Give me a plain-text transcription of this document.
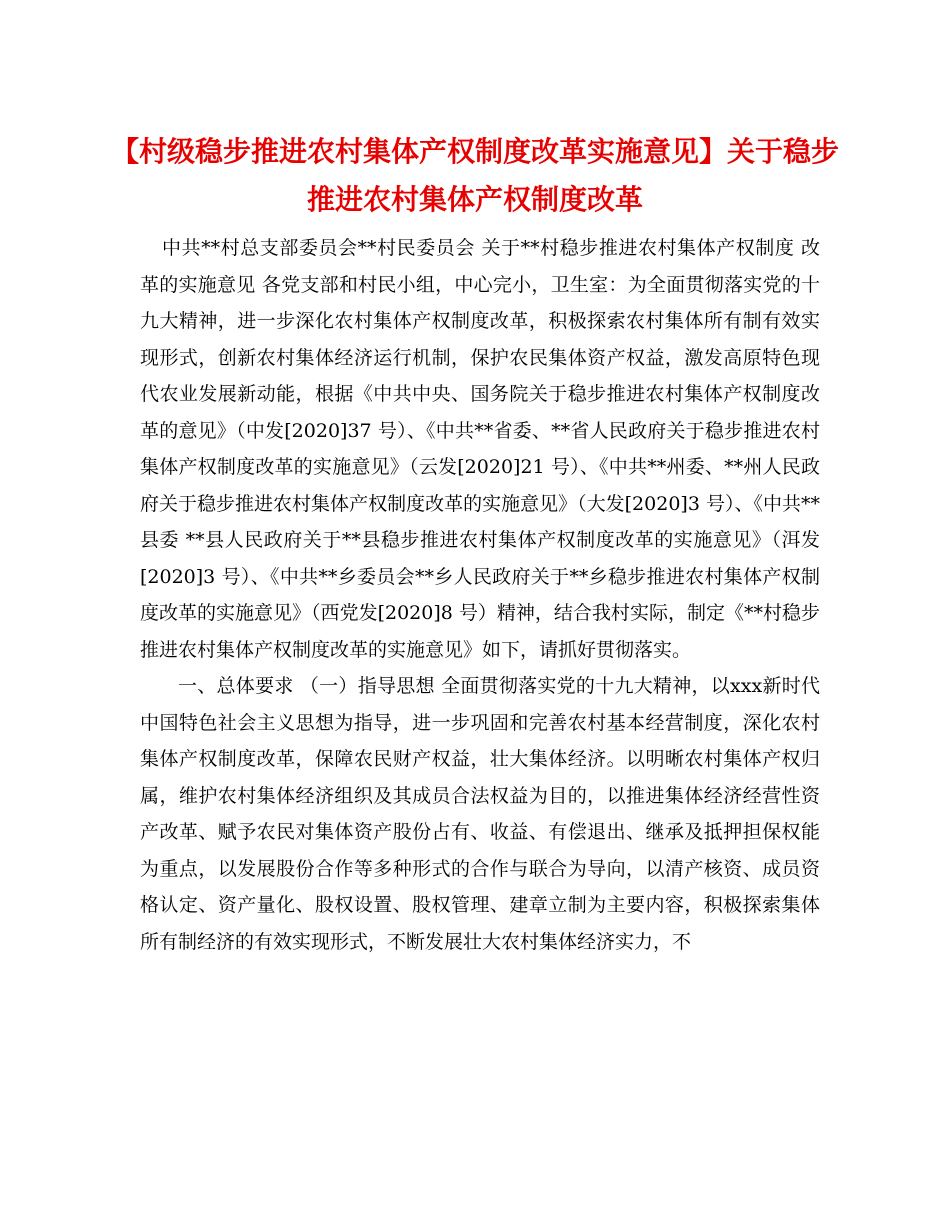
【村级稳步推进农村集体产权制度改革实施意见】关于稳步推进农村集体产权制度改革

中共**村总支部委员会**村民委员会 关于**村稳步推进农村集体产权制度 改革的实施意见 各党支部和村民小组，中心完小，卫生室：为全面贯彻落实党的十九大精神，进一步深化农村集体产权制度改革，积极探索农村集体所有制有效实现形式，创新农村集体经济运行机制，保护农民集体资产权益，激发高原特色现代农业发展新动能，根据《中共中央、国务院关于稳步推进农村集体产权制度改革的意见》（中发[2020]37 号）、《中共**省委、**省人民政府关于稳步推进农村集体产权制度改革的实施意见》（云发[2020]21 号）、《中共**州委、**州人民政府关于稳步推进农村集体产权制度改革的实施意见》（大发[2020]3 号）、《中共**县委 **县人民政府关于**县稳步推进农村集体产权制度改革的实施意见》（洱发[2020]3 号）、《中共**乡委员会**乡人民政府关于**乡稳步推进农村集体产权制度改革的实施意见》（西党发[2020]8 号）精神，结合我村实际，制定《**村稳步推进农村集体产权制度改革的实施意见》如下，请抓好贯彻落实。

一、总体要求 （一）指导思想 全面贯彻落实党的十九大精神，以xxx新时代中国特色社会主义思想为指导，进一步巩固和完善农村基本经营制度，深化农村集体产权制度改革，保障农民财产权益，壮大集体经济。以明晰农村集体产权归属，维护农村集体经济组织及其成员合法权益为目的，以推进集体经济经营性资产改革、赋予农民对集体资产股份占有、收益、有偿退出、继承及抵押担保权能为重点，以发展股份合作等多种形式的合作与联合为导向，以清产核资、成员资格认定、资产量化、股权设置、股权管理、建章立制为主要内容，积极探索集体所有制经济的有效实现形式，不断发展壮大农村集体经济实力，不
